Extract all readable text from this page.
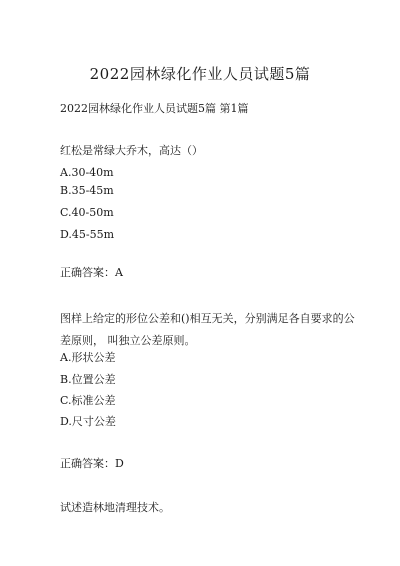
2022园林绿化作业人员试题5篇
2022园林绿化作业人员试题5篇 第1篇
红松是常绿大乔木，高达（）
A.30-40m
B.35-45m
C.40-50m
D.45-55m
正确答案：A
图样上给定的形位公差和()相互无关，分别满足各自要求的公差原则， 叫独立公差原则。
A.形状公差
B.位置公差
C.标准公差
D.尺寸公差
正确答案：D
试述造林地清理技术。
